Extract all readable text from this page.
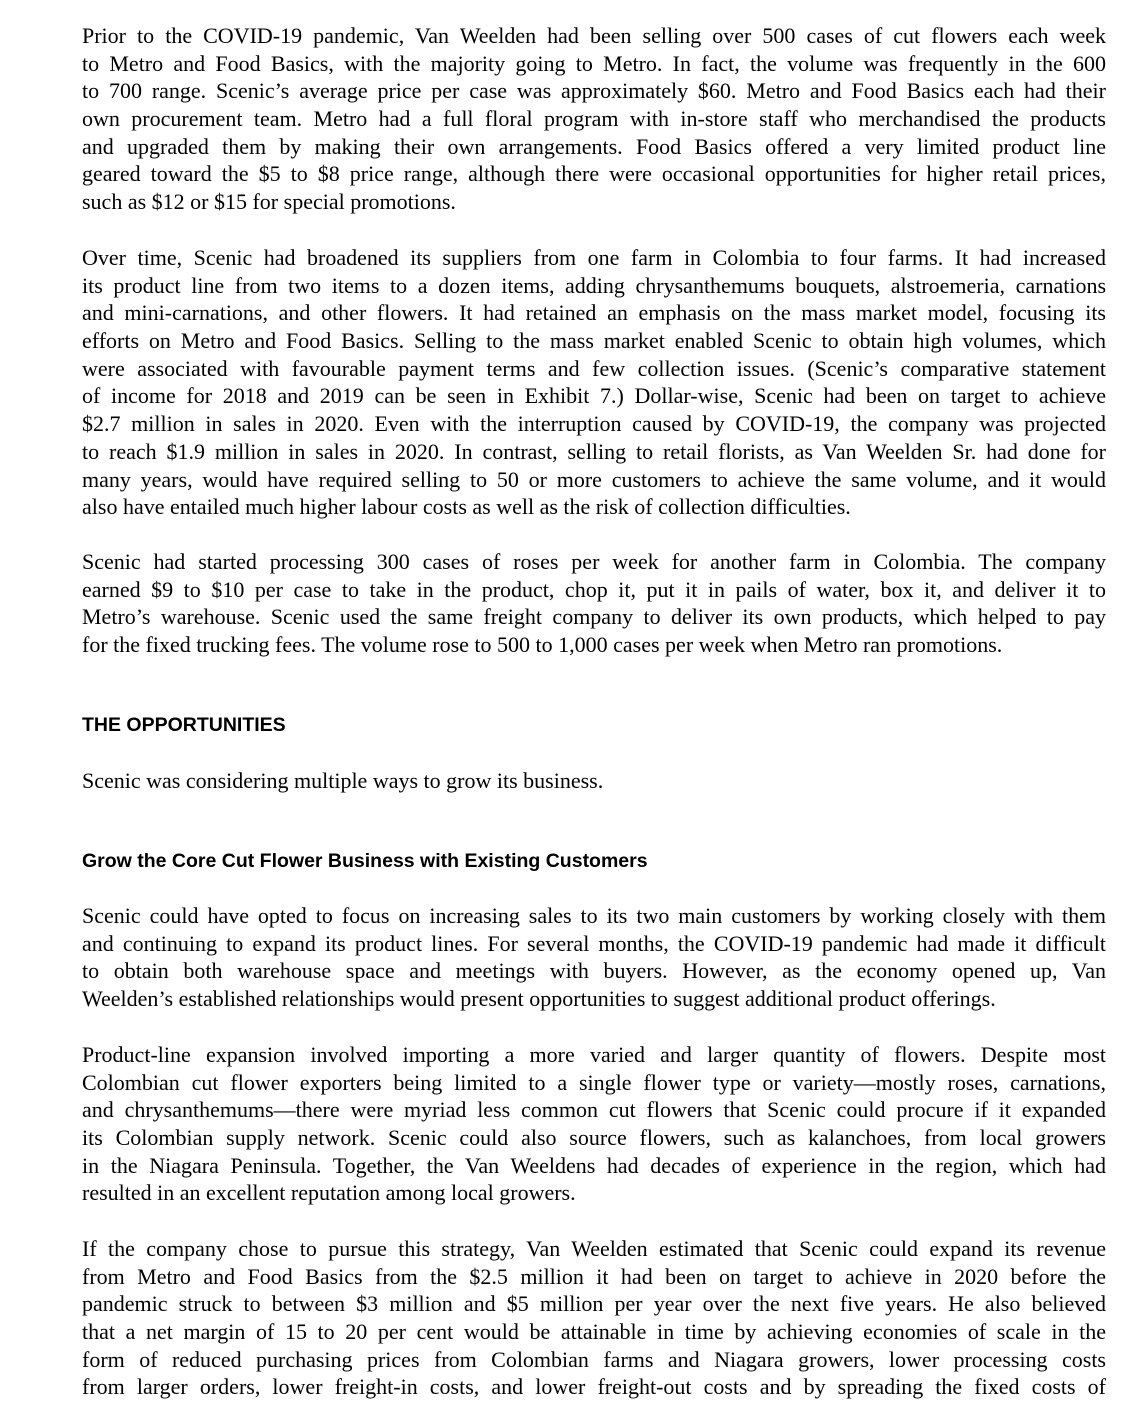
Prior to the COVID-19 pandemic, Van Weelden had been selling over 500 cases of cut flowers each week
to Metro and Food Basics, with the majority going to Metro. In fact, the volume was frequently in the 600
to 700 range. Scenic’s average price per case was approximately $60. Metro and Food Basics each had their
own procurement team. Metro had a full floral program with in-store staff who merchandised the products
and upgraded them by making their own arrangements. Food Basics offered a very limited product line
geared toward the $5 to $8 price range, although there were occasional opportunities for higher retail prices,
such as $12 or $15 for special promotions.
Over time, Scenic had broadened its suppliers from one farm in Colombia to four farms. It had increased
its product line from two items to a dozen items, adding chrysanthemums bouquets, alstroemeria, carnations
and mini-carnations, and other flowers. It had retained an emphasis on the mass market model, focusing its
efforts on Metro and Food Basics. Selling to the mass market enabled Scenic to obtain high volumes, which
were associated with favourable payment terms and few collection issues. (Scenic’s comparative statement
of income for 2018 and 2019 can be seen in Exhibit 7.) Dollar-wise, Scenic had been on target to achieve
$2.7 million in sales in 2020. Even with the interruption caused by COVID-19, the company was projected
to reach $1.9 million in sales in 2020. In contrast, selling to retail florists, as Van Weelden Sr. had done for
many years, would have required selling to 50 or more customers to achieve the same volume, and it would
also have entailed much higher labour costs as well as the risk of collection difficulties.
Scenic had started processing 300 cases of roses per week for another farm in Colombia. The company
earned $9 to $10 per case to take in the product, chop it, put it in pails of water, box it, and deliver it to
Metro’s warehouse. Scenic used the same freight company to deliver its own products, which helped to pay
for the fixed trucking fees. The volume rose to 500 to 1,000 cases per week when Metro ran promotions.
THE OPPORTUNITIES
Scenic was considering multiple ways to grow its business.
Grow the Core Cut Flower Business with Existing Customers
Scenic could have opted to focus on increasing sales to its two main customers by working closely with them
and continuing to expand its product lines. For several months, the COVID-19 pandemic had made it difficult
to obtain both warehouse space and meetings with buyers. However, as the economy opened up, Van
Weelden’s established relationships would present opportunities to suggest additional product offerings.
Product-line expansion involved importing a more varied and larger quantity of flowers. Despite most
Colombian cut flower exporters being limited to a single flower type or variety—mostly roses, carnations,
and chrysanthemums—there were myriad less common cut flowers that Scenic could procure if it expanded
its Colombian supply network. Scenic could also source flowers, such as kalanchoes, from local growers
in the Niagara Peninsula. Together, the Van Weeldens had decades of experience in the region, which had
resulted in an excellent reputation among local growers.
If the company chose to pursue this strategy, Van Weelden estimated that Scenic could expand its revenue
from Metro and Food Basics from the $2.5 million it had been on target to achieve in 2020 before the
pandemic struck to between $3 million and $5 million per year over the next five years. He also believed
that a net margin of 15 to 20 per cent would be attainable in time by achieving economies of scale in the
form of reduced purchasing prices from Colombian farms and Niagara growers, lower processing costs
from larger orders, lower freight-in costs, and lower freight-out costs and by spreading the fixed costs of
